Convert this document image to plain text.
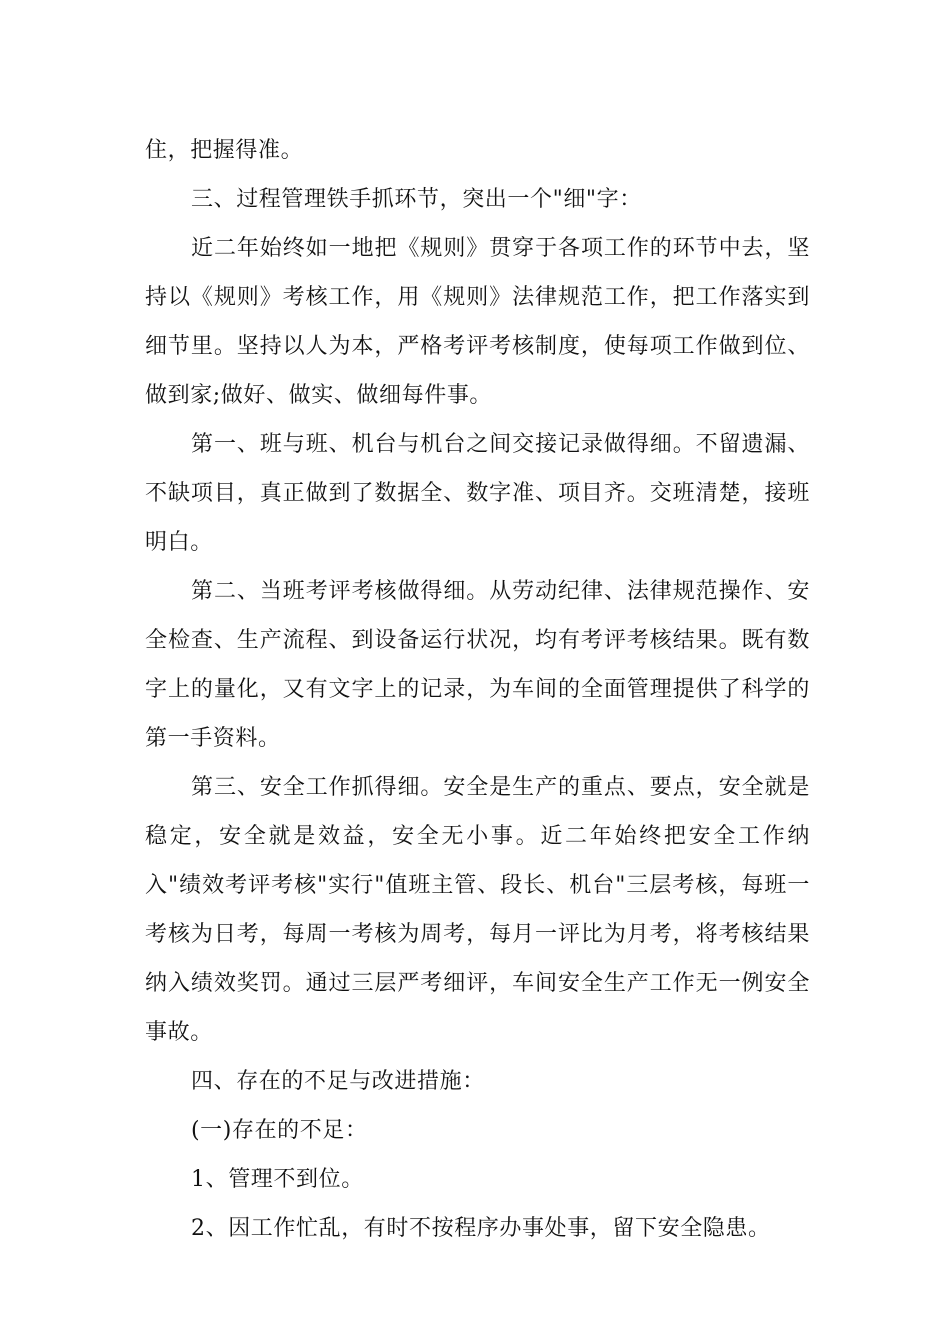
住，把握得准。

三、过程管理铁手抓环节，突出一个"细"字：

近二年始终如一地把《规则》贯穿于各项工作的环节中去，坚持以《规则》考核工作，用《规则》法律规范工作，把工作落实到细节里。坚持以人为本，严格考评考核制度，使每项工作做到位、做到家;做好、做实、做细每件事。

第一、班与班、机台与机台之间交接记录做得细。不留遗漏、不缺项目，真正做到了数据全、数字准、项目齐。交班清楚，接班明白。

第二、当班考评考核做得细。从劳动纪律、法律规范操作、安全检查、生产流程、到设备运行状况，均有考评考核结果。既有数字上的量化，又有文字上的记录，为车间的全面管理提供了科学的第一手资料。

第三、安全工作抓得细。安全是生产的重点、要点，安全就是稳定，安全就是效益，安全无小事。近二年始终把安全工作纳入"绩效考评考核"实行"值班主管、段长、机台"三层考核，每班一考核为日考，每周一考核为周考，每月一评比为月考，将考核结果纳入绩效奖罚。通过三层严考细评，车间安全生产工作无一例安全事故。

四、存在的不足与改进措施：

(一)存在的不足：

1、管理不到位。

2、因工作忙乱，有时不按程序办事处事，留下安全隐患。
